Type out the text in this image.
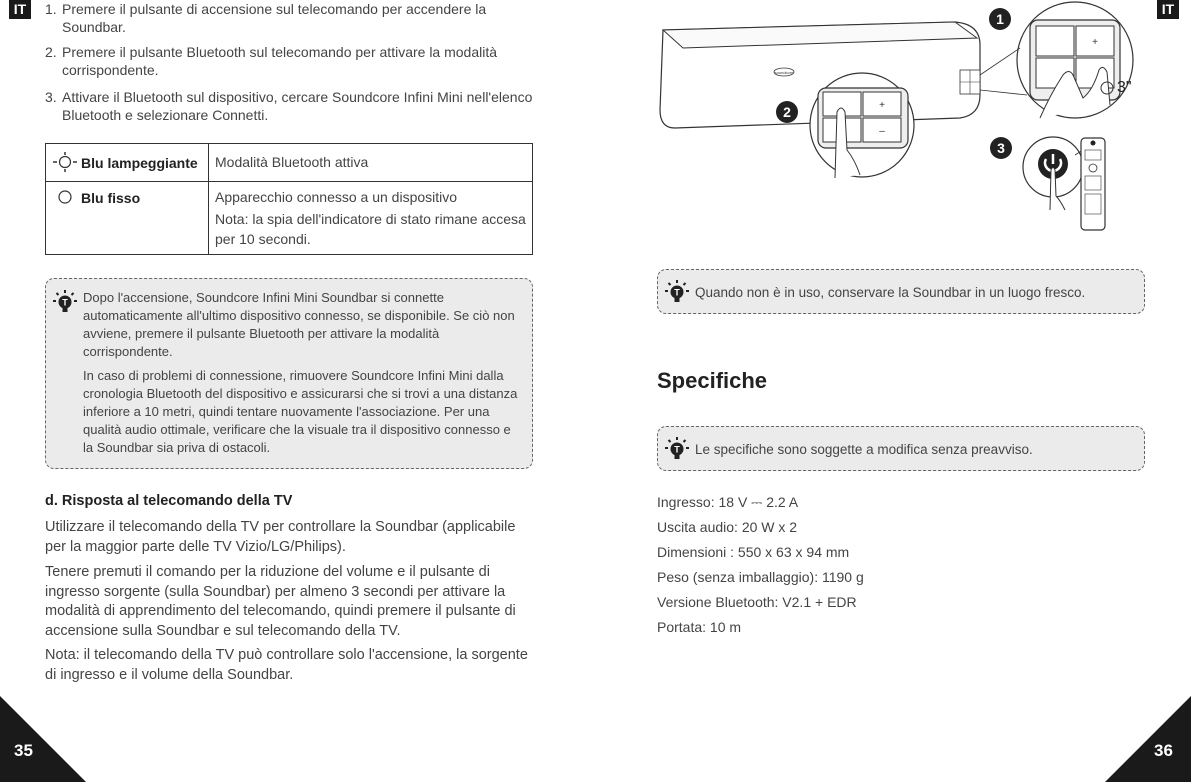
IT	IT
1. Premere il pulsante di accensione sul telecomando per accendere la Soundbar.
2. Premere il pulsante Bluetooth sul telecomando per attivare la modalità corrispondente.
3. Attivare il Bluetooth sul dispositivo, cercare Soundcore Infini Mini nell'elenco Bluetooth e selezionare Connetti.
Blu lampeggiante	Modalità Bluetooth attiva
Blu fisso	Apparecchio connesso a un dispositivo
Nota: la spia dell'indicatore di stato rimane accesa per 10 secondi.
T Dopo l'accensione, Soundcore Infini Mini Soundbar si connette automaticamente all'ultimo dispositivo connesso, se disponibile. Se ciò non avviene, premere il pulsante Bluetooth per attivare la modalità corrispondente.
In caso di problemi di connessione, rimuovere Soundcore Infini Mini dalla cronologia Bluetooth del dispositivo e assicurarsi che si trovi a una distanza inferiore a 10 metri, quindi tentare nuovamente l'associazione. Per una qualità audio ottimale, verificare che la visuale tra il dispositivo connesso e la Soundbar sia priva di ostacoli.
d. Risposta al telecomando della TV
Utilizzare il telecomando della TV per controllare la Soundbar (applicabile per la maggior parte delle TV Vizio/LG/Philips).
Tenere premuti il comando per la riduzione del volume e il pulsante di ingresso sorgente (sulla Soundbar) per almeno 3 secondi per attivare la modalità di apprendimento del telecomando, quindi premere il pulsante di accensione sulla Soundbar e sul telecomando della TV.
Nota: il telecomando della TV può controllare solo l'accensione, la sorgente di ingresso e il volume della Soundbar.
soundcore
+
3"
1
+
–
2
3
T Quando non è in uso, conservare la Soundbar in un luogo fresco.
Specifiche
T Le specifiche sono soggette a modifica senza preavviso.
Ingresso: 18 V ⎓ 2.2 A
Uscita audio: 20 W x 2
Dimensioni : 550 x 63 x 94 mm
Peso (senza imballaggio): 1190 g
Versione Bluetooth: V2.1 + EDR
Portata: 10 m
35	36
